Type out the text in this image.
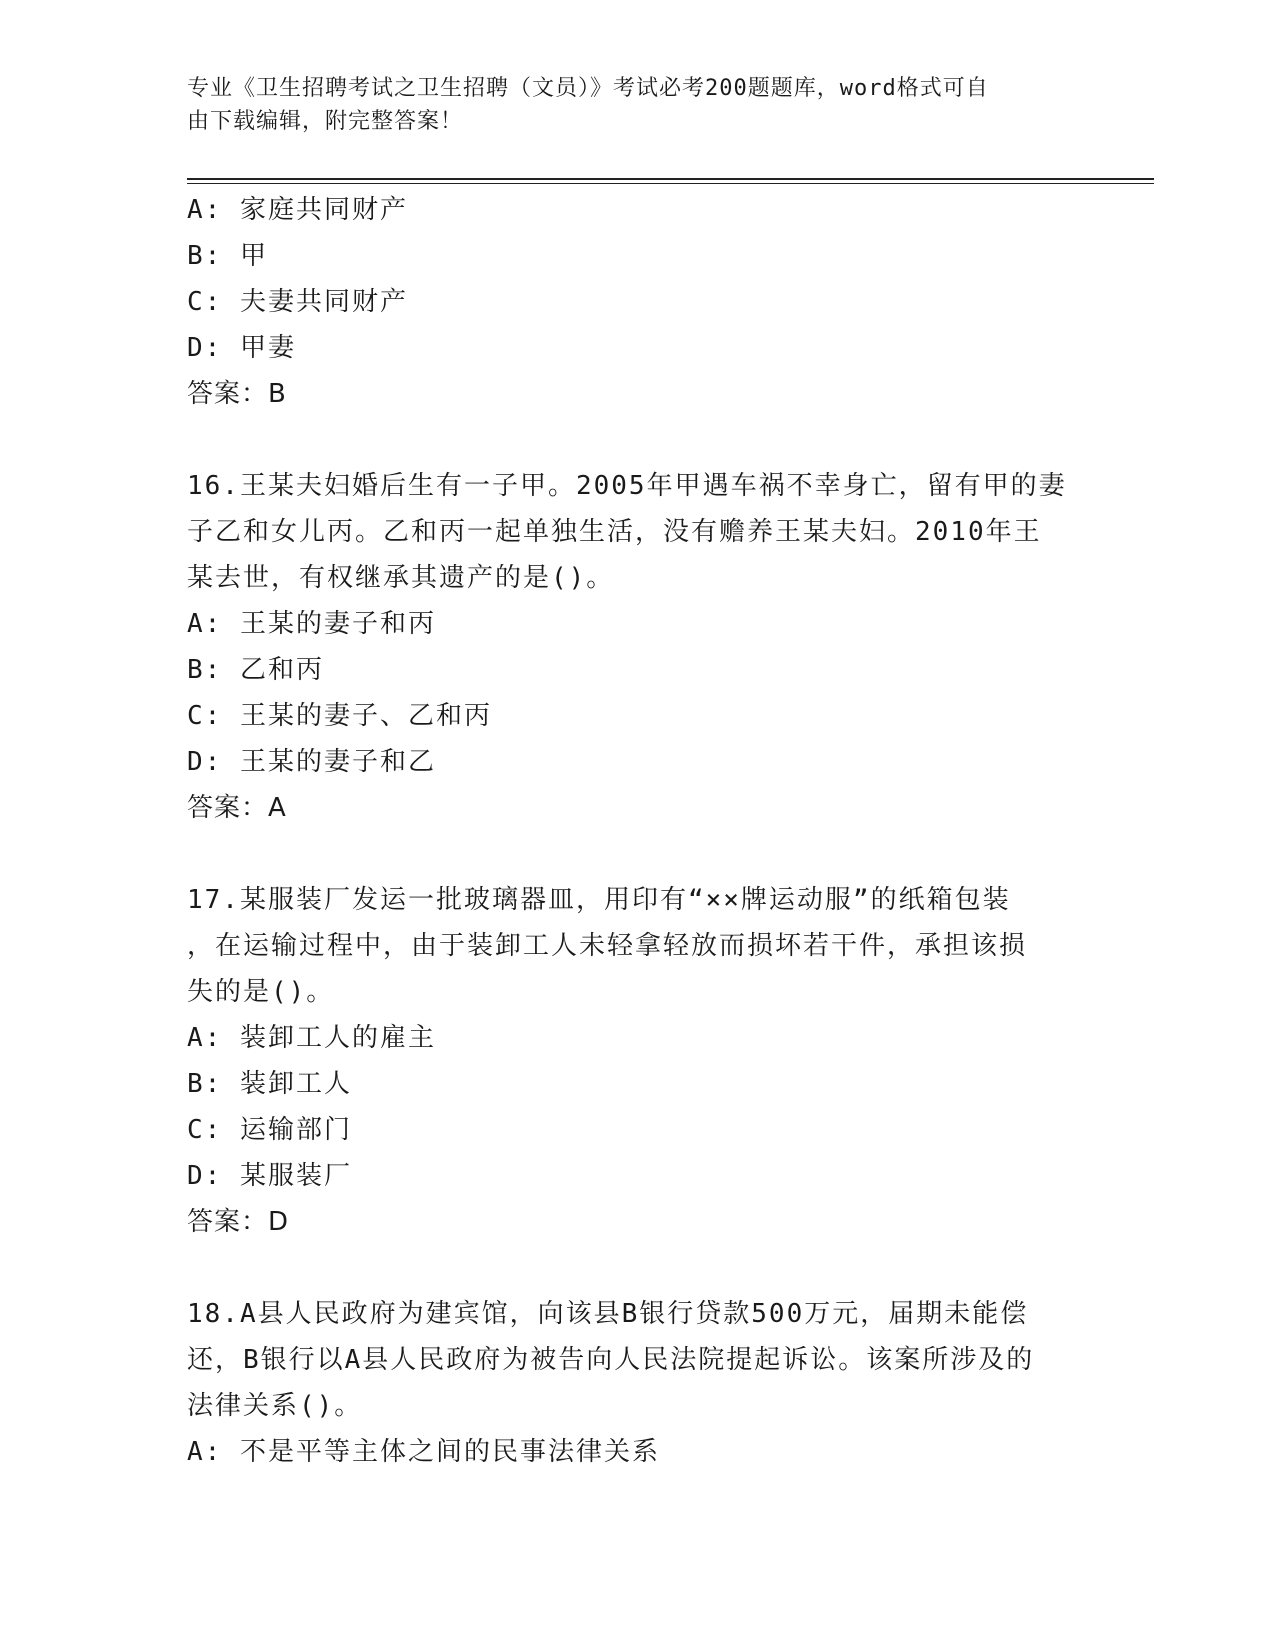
专业《卫生招聘考试之卫生招聘（文员）》考试必考200题题库，word格式可自
由下载编辑，附完整答案！
A: 家庭共同财产
B: 甲
C: 夫妻共同财产
D: 甲妻
答案：B
16.王某夫妇婚后生有一子甲。2005年甲遇车祸不幸身亡，留有甲的妻
子乙和女儿丙。乙和丙一起单独生活，没有赡养王某夫妇。2010年王
某去世，有权继承其遗产的是()。
A: 王某的妻子和丙
B: 乙和丙
C: 王某的妻子、乙和丙
D: 王某的妻子和乙
答案：A
17.某服装厂发运一批玻璃器皿，用印有“××牌运动服”的纸箱包装
，在运输过程中，由于装卸工人未轻拿轻放而损坏若干件，承担该损
失的是()。
A: 装卸工人的雇主
B: 装卸工人
C: 运输部门
D: 某服装厂
答案：D
18.A县人民政府为建宾馆，向该县B银行贷款500万元，届期未能偿
还，B银行以A县人民政府为被告向人民法院提起诉讼。该案所涉及的
法律关系()。
A: 不是平等主体之间的民事法律关系
